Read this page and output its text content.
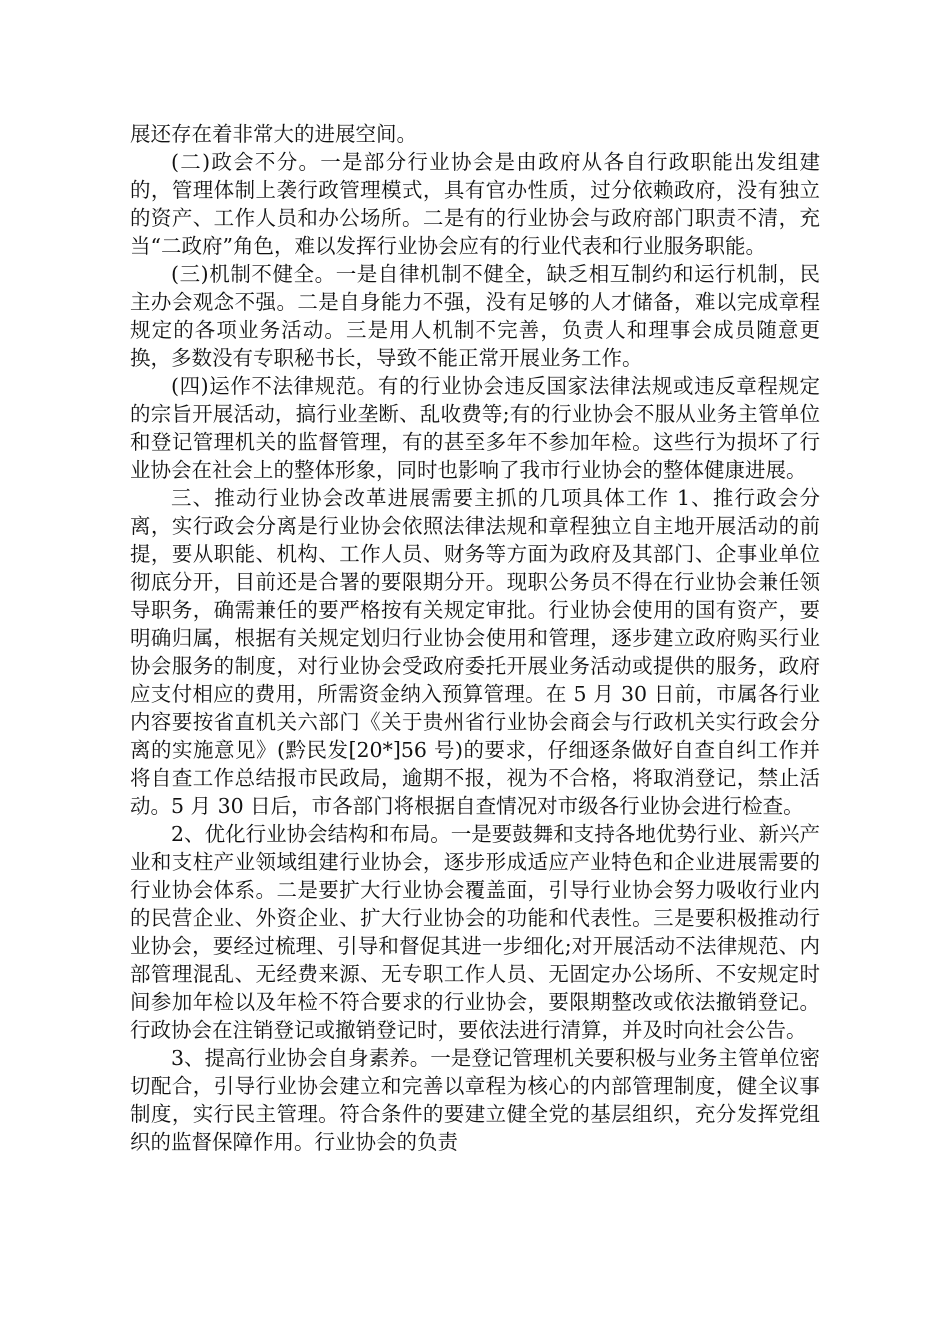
展还存在着非常大的进展空间。

(二)政会不分。一是部分行业协会是由政府从各自行政职能出发组建的，管理体制上袭行政管理模式，具有官办性质，过分依赖政府，没有独立的资产、工作人员和办公场所。二是有的行业协会与政府部门职责不清，充当“二政府”角色，难以发挥行业协会应有的行业代表和行业服务职能。

(三)机制不健全。一是自律机制不健全，缺乏相互制约和运行机制，民主办会观念不强。二是自身能力不强，没有足够的人才储备，难以完成章程规定的各项业务活动。三是用人机制不完善，负责人和理事会成员随意更换，多数没有专职秘书长，导致不能正常开展业务工作。

(四)运作不法律规范。有的行业协会违反国家法律法规或违反章程规定的宗旨开展活动，搞行业垄断、乱收费等;有的行业协会不服从业务主管单位和登记管理机关的监督管理，有的甚至多年不参加年检。这些行为损坏了行业协会在社会上的整体形象，同时也影响了我市行业协会的整体健康进展。

三、推动行业协会改革进展需要主抓的几项具体工作 1、推行政会分离，实行政会分离是行业协会依照法律法规和章程独立自主地开展活动的前提，要从职能、机构、工作人员、财务等方面为政府及其部门、企事业单位彻底分开，目前还是合署的要限期分开。现职公务员不得在行业协会兼任领导职务，确需兼任的要严格按有关规定审批。行业协会使用的国有资产，要明确归属，根据有关规定划归行业协会使用和管理，逐步建立政府购买行业协会服务的制度，对行业协会受政府委托开展业务活动或提供的服务，政府应支付相应的费用，所需资金纳入预算管理。在 5 月 30 日前，市属各行业内容要按省直机关六部门《关于贵州省行业协会商会与行政机关实行政会分离的实施意见》(黔民发[20*]56 号)的要求，仔细逐条做好自查自纠工作并将自查工作总结报市民政局，逾期不报，视为不合格，将取消登记，禁止活动。5 月 30 日后，市各部门将根据自查情况对市级各行业协会进行检查。

2、优化行业协会结构和布局。一是要鼓舞和支持各地优势行业、新兴产业和支柱产业领域组建行业协会，逐步形成适应产业特色和企业进展需要的行业协会体系。二是要扩大行业协会覆盖面，引导行业协会努力吸收行业内的民营企业、外资企业、扩大行业协会的功能和代表性。三是要积极推动行业协会，要经过梳理、引导和督促其进一步细化;对开展活动不法律规范、内部管理混乱、无经费来源、无专职工作人员、无固定办公场所、不安规定时间参加年检以及年检不符合要求的行业协会，要限期整改或依法撤销登记。行政协会在注销登记或撤销登记时，要依法进行清算，并及时向社会公告。

3、提高行业协会自身素养。一是登记管理机关要积极与业务主管单位密切配合，引导行业协会建立和完善以章程为核心的内部管理制度，健全议事制度，实行民主管理。符合条件的要建立健全党的基层组织，充分发挥党组织的监督保障作用。行业协会的负责
